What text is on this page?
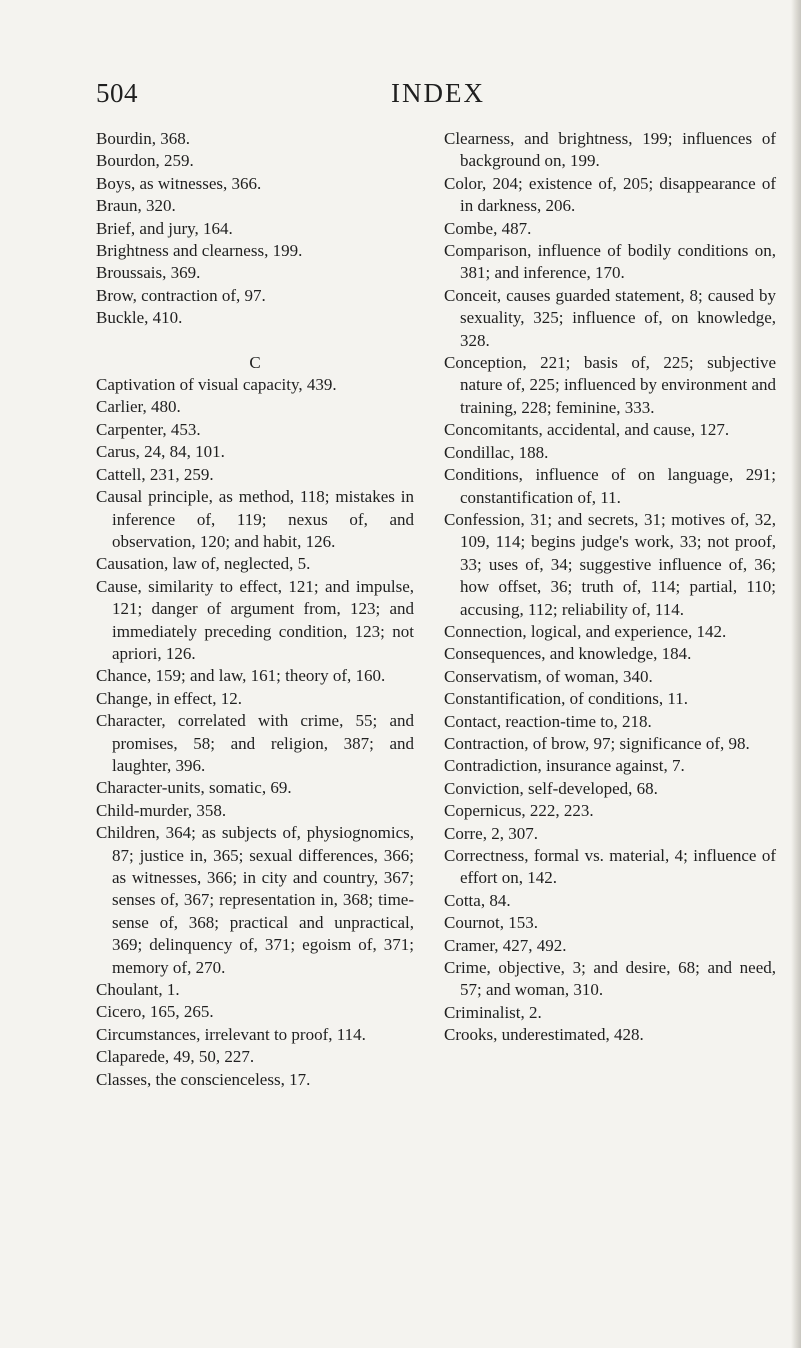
504	INDEX

Bourdin, 368.

Bourdon, 259.

Boys, as witnesses, 366.

Braun, 320.

Brief, and jury, 164.

Brightness and clearness, 199.

Broussais, 369.

Brow, contraction of, 97.

Buckle, 410.

C

Captivation of visual capacity, 439.

Carlier, 480.

Carpenter, 453.

Carus, 24, 84, 101.

Cattell, 231, 259.

Causal principle, as method, 118; mistakes in inference of, 119; nexus of, and observation, 120; and habit, 126.

Causation, law of, neglected, 5.

Cause, similarity to effect, 121; and impulse, 121; danger of argument from, 123; and immediately preceding condition, 123; not apriori, 126.

Chance, 159; and law, 161; theory of, 160.

Change, in effect, 12.

Character, correlated with crime, 55; and promises, 58; and religion, 387; and laughter, 396.

Character-units, somatic, 69.

Child-murder, 358.

Children, 364; as subjects of, physiognomics, 87; justice in, 365; sexual differences, 366; as witnesses, 366; in city and country, 367; senses of, 367; representation in, 368; time-sense of, 368; practical and unpractical, 369; delinquency of, 371; egoism of, 371; memory of, 270.

Choulant, 1.

Cicero, 165, 265.

Circumstances, irrelevant to proof, 114.

Claparede, 49, 50, 227.

Classes, the conscienceless, 17.

Clearness, and brightness, 199; influences of background on, 199.

Color, 204; existence of, 205; disappearance of in darkness, 206.

Combe, 487.

Comparison, influence of bodily conditions on, 381; and inference, 170.

Conceit, causes guarded statement, 8; caused by sexuality, 325; influence of, on knowledge, 328.

Conception, 221; basis of, 225; subjective nature of, 225; influenced by environment and training, 228; feminine, 333.

Concomitants, accidental, and cause, 127.

Condillac, 188.

Conditions, influence of on language, 291; constantification of, 11.

Confession, 31; and secrets, 31; motives of, 32, 109, 114; begins judge's work, 33; not proof, 33; uses of, 34; suggestive influence of, 36; how offset, 36; truth of, 114; partial, 110; accusing, 112; reliability of, 114.

Connection, logical, and experience, 142.

Consequences, and knowledge, 184.

Conservatism, of woman, 340.

Constantification, of conditions, 11.

Contact, reaction-time to, 218.

Contraction, of brow, 97; significance of, 98.

Contradiction, insurance against, 7.

Conviction, self-developed, 68.

Copernicus, 222, 223.

Corre, 2, 307.

Correctness, formal vs. material, 4; influence of effort on, 142.

Cotta, 84.

Cournot, 153.

Cramer, 427, 492.

Crime, objective, 3; and desire, 68; and need, 57; and woman, 310.

Criminalist, 2.

Crooks, underestimated, 428.
